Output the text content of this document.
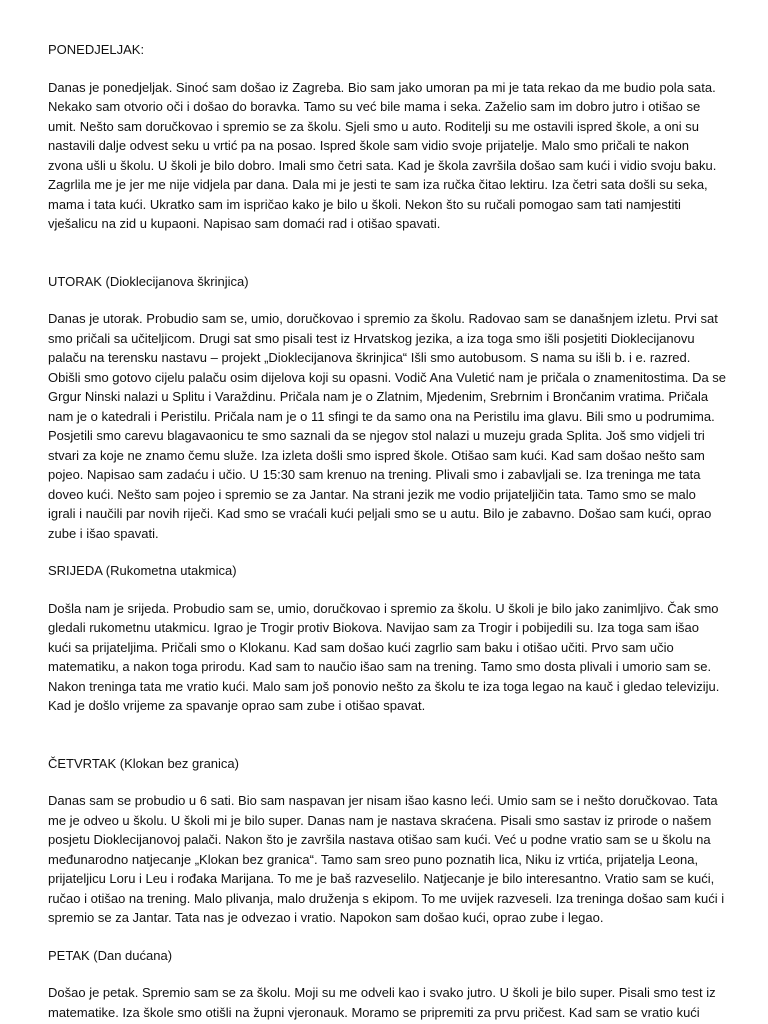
PONEDJELJAK:
Danas je ponedjeljak. Sinoć sam došao iz Zagreba. Bio sam jako umoran pa mi je tata rekao da me budio pola sata.
Nekako sam otvorio oči i došao do boravka. Tamo su već bile mama i seka. Zaželio sam im dobro jutro i otišao se
umit. Nešto sam doručkovao i spremio se za školu. Sjeli smo u auto. Roditelji su me ostavili ispred škole, a oni su
nastavili dalje odvest seku u vrtić pa na posao. Ispred škole sam vidio svoje prijatelje. Malo smo pričali te nakon
zvona ušli u školu. U školi je bilo dobro. Imali smo četri sata. Kad je škola završila došao sam kući i vidio svoju baku.
Zagrlila me je jer me nije vidjela par dana. Dala mi je jesti te sam iza ručka čitao lektiru. Iza četri sata došli su seka,
mama i tata kući. Ukratko sam im ispričao kako je bilo u školi. Nekon što su ručali pomogao sam tati namjestiti
vješalicu na zid u kupaoni. Napisao sam domaći rad i otišao spavati.
UTORAK (Dioklecijanova škrinjica)
Danas je utorak. Probudio sam se, umio, doručkovao i spremio za školu. Radovao sam se današnjem izletu. Prvi sat
smo pričali sa učiteljicom. Drugi sat smo pisali test iz Hrvatskog jezika, a iza toga smo išli posjetiti Dioklecijanovu
palaču na terensku nastavu – projekt „Dioklecijanova škrinjica“ Išli smo autobusom. S nama su išli b. i e. razred.
Obišli smo gotovo cijelu palaču osim dijelova koji su opasni. Vodič Ana Vuletić nam je pričala o znamenitostima. Da se
Grgur Ninski nalazi u Splitu i Varaždinu. Pričala nam je o Zlatnim, Mjedenim, Srebrnim i Brončanim vratima. Pričala
nam je o katedrali i Peristilu. Pričala nam je o 11 sfingi te da samo ona na Peristilu ima glavu. Bili smo u podrumima.
Posjetili smo carevu blagavaonicu te smo saznali da se njegov stol nalazi u muzeju grada Splita. Još smo vidjeli tri
stvari za koje ne znamo čemu služe. Iza izleta došli smo ispred škole. Otišao sam kući. Kad sam došao nešto sam
pojeo. Napisao sam zadaću i učio. U 15:30 sam krenuo na trening. Plivali smo i zabavljali se. Iza treninga me tata
doveo kući. Nešto sam pojeo i spremio se za Jantar. Na strani jezik me vodio prijateljičin tata. Tamo smo se malo
igrali i naučili par novih riječi. Kad smo se vraćali kući peljali smo se u autu. Bilo je zabavno. Došao sam kući, oprao
zube i išao spavati.
SRIJEDA (Rukometna utakmica)
Došla nam je srijeda. Probudio sam se, umio, doručkovao i spremio za školu. U školi je bilo jako zanimljivo. Čak smo
gledali rukometnu utakmicu. Igrao je Trogir protiv Biokova. Navijao sam za Trogir i pobijedili su. Iza toga sam išao
kući sa prijateljima. Pričali smo o Klokanu. Kad sam došao kući zagrlio sam baku i otišao učiti. Prvo sam učio
matematiku, a nakon toga prirodu. Kad sam to naučio išao sam na trening. Tamo smo dosta plivali i umorio sam se.
Nakon treninga tata me vratio kući. Malo sam još ponovio nešto za školu te iza toga legao na kauč i gledao televiziju.
Kad je došlo vrijeme za spavanje oprao sam zube i otišao spavat.
ČETVRTAK (Klokan bez granica)
Danas sam se probudio u 6 sati. Bio sam naspavan jer nisam išao kasno leći. Umio sam se i nešto doručkovao. Tata
me je odveo u školu. U školi mi je bilo super. Danas nam je nastava skraćena. Pisali smo sastav iz prirode o našem
posjetu Dioklecijanovoj palači. Nakon što je završila nastava otišao sam kući. Već u podne vratio sam se u školu na
međunarodno natjecanje „Klokan bez granica“. Tamo sam sreo puno poznatih lica, Niku iz vrtića, prijatelja Leona,
prijateljicu Loru i Leu i rođaka Marijana. To me je baš razveselilo. Natjecanje je bilo interesantno. Vratio sam se kući,
ručao i otišao na trening. Malo plivanja, malo druženja s ekipom. To me uvijek razveseli. Iza treninga došao sam kući i
spremio se za Jantar. Tata nas je odvezao i vratio. Napokon sam došao kući, oprao zube i legao.
PETAK (Dan dućana)
Došao je petak. Spremio sam se za školu. Moji su me odveli kao i svako jutro. U školi je bilo super. Pisali smo test iz
matematike. Iza škole smo otišli na župni vjeronauk. Moramo se pripremiti za prvu pričest. Kad sam se vratio kući
